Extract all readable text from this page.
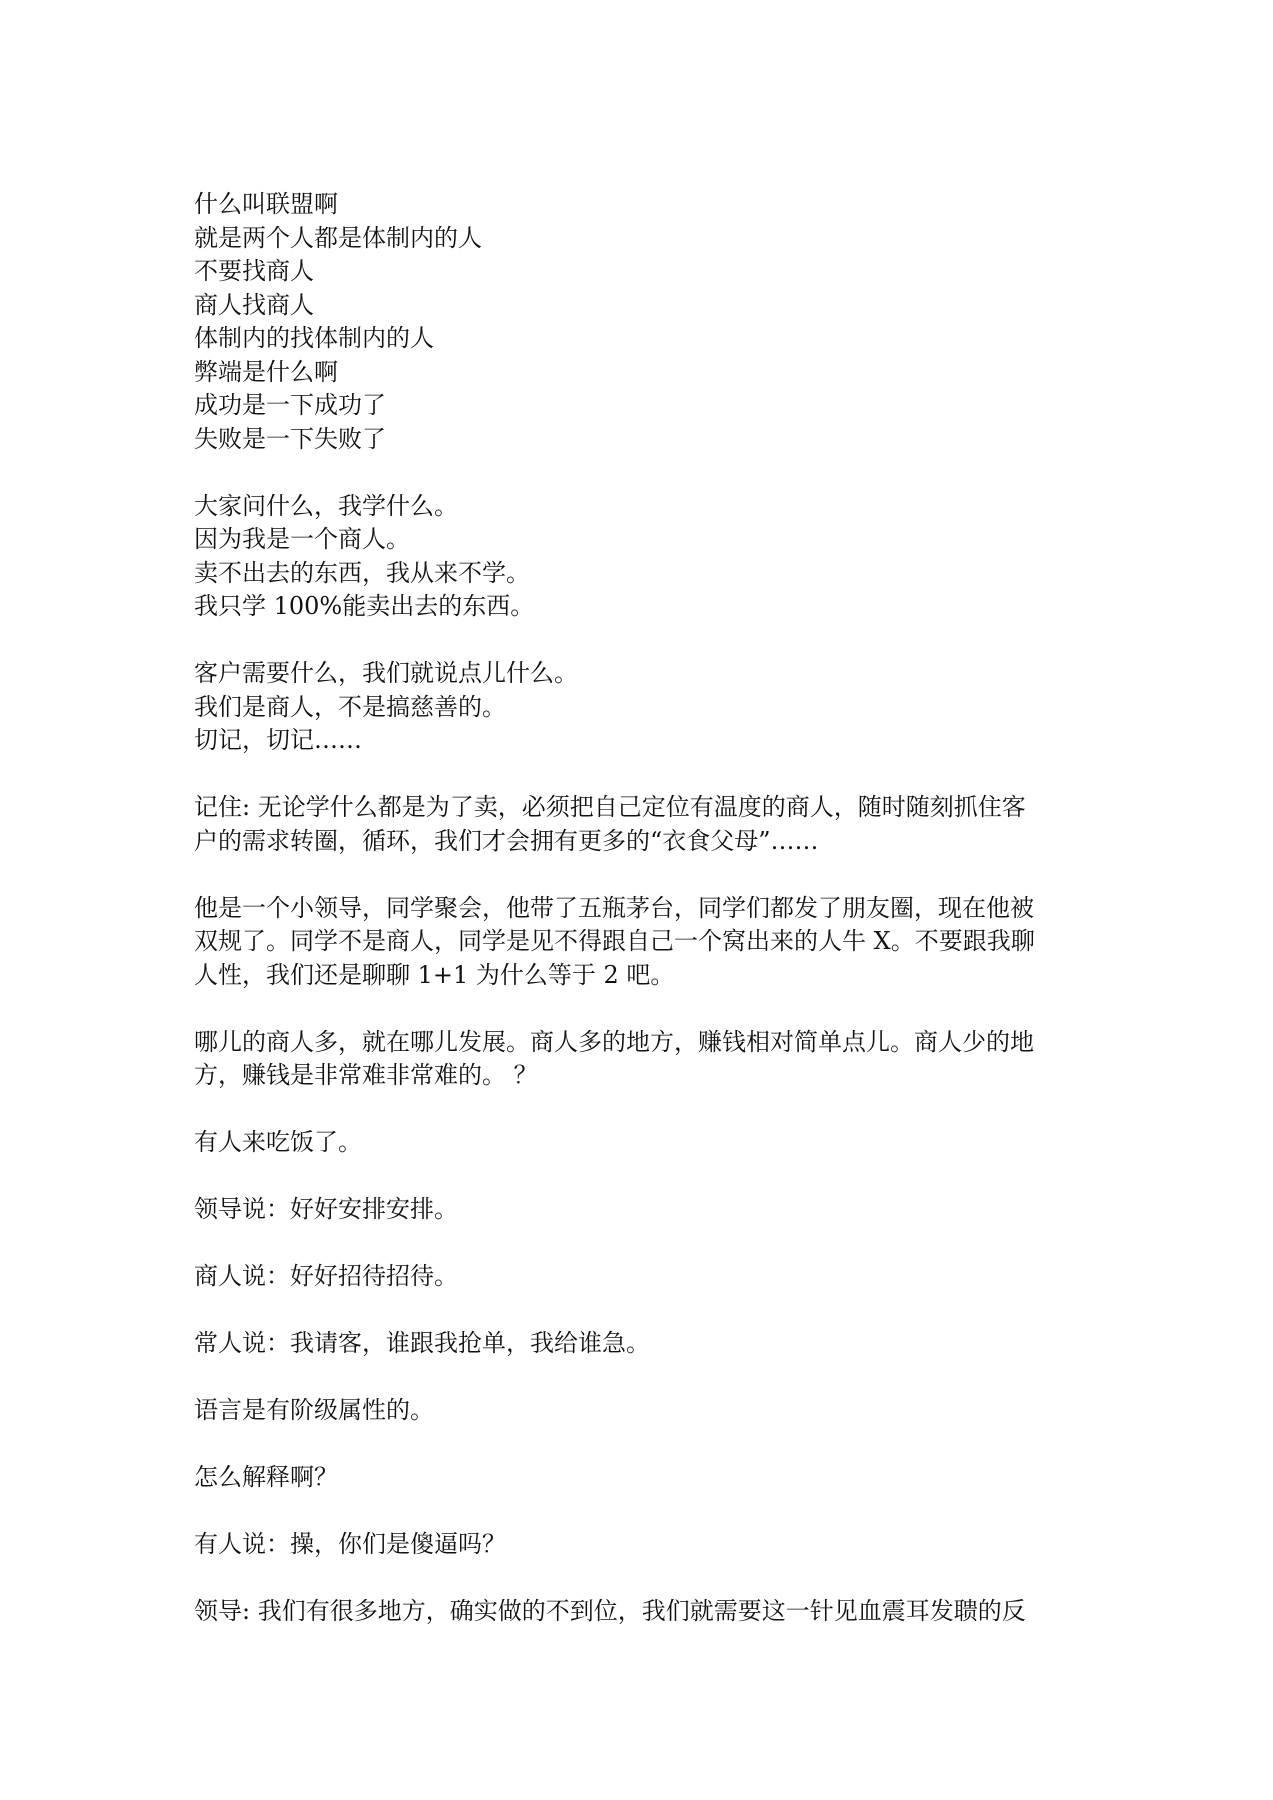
什么叫联盟啊
就是两个人都是体制内的人
不要找商人
商人找商人
体制内的找体制内的人
弊端是什么啊
成功是一下成功了
失败是一下失败了
大家问什么，我学什么。
因为我是一个商人。
卖不出去的东西，我从来不学。
我只学 100%能卖出去的东西。
客户需要什么，我们就说点儿什么。
我们是商人，不是搞慈善的。
切记，切记……
记住: 无论学什么都是为了卖，必须把自己定位有温度的商人，随时随刻抓住客
户的需求转圈，循环，我们才会拥有更多的“衣食父母”……
他是一个小领导，同学聚会，他带了五瓶茅台，同学们都发了朋友圈，现在他被
双规了。同学不是商人，同学是见不得跟自己一个窝出来的人牛 X。不要跟我聊
人性，我们还是聊聊 1+1 为什么等于 2 吧。
哪儿的商人多，就在哪儿发展。商人多的地方，赚钱相对简单点儿。商人少的地
方，赚钱是非常难非常难的。 ？
有人来吃饭了。
领导说：好好安排安排。
商人说：好好招待招待。
常人说：我请客，谁跟我抢单，我给谁急。
语言是有阶级属性的。
怎么解释啊？
有人说：操，你们是傻逼吗？
领导: 我们有很多地方，确实做的不到位，我们就需要这一针见血震耳发聩的反
